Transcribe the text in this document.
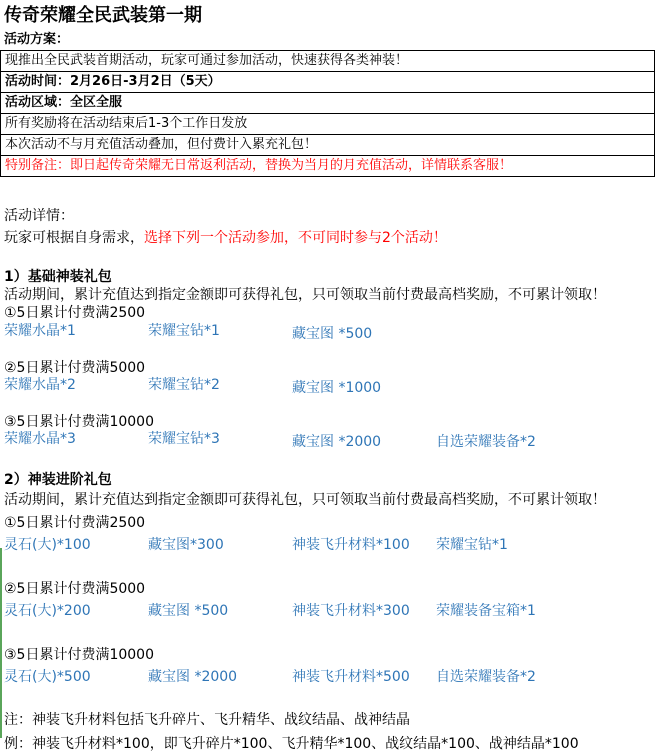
传奇荣耀全民武装第一期
活动方案：
现推出全民武装首期活动，玩家可通过参加活动，快速获得各类神装！
活动时间：2月26日-3月2日（5天）
活动区域：全区全服
所有奖励将在活动结束后1-3个工作日发放
本次活动不与月充值活动叠加，但付费计入累充礼包！
特别备注：即日起传奇荣耀无日常返利活动，替换为当月的月充值活动，详情联系客服！
活动详情：
玩家可根据自身需求，选择下列一个活动参加，不可同时参与2个活动！
1）基础神装礼包
活动期间，累计充值达到指定金额即可获得礼包，只可领取当前付费最高档奖励，不可累计领取！
①5日累计付费满2500
荣耀水晶*1	荣耀宝钻*1	藏宝图 *500
②5日累计付费满5000
荣耀水晶*2	荣耀宝钻*2	藏宝图 *1000
③5日累计付费满10000
荣耀水晶*3	荣耀宝钻*3	藏宝图 *2000	自选荣耀装备*2
2）神装进阶礼包
活动期间，累计充值达到指定金额即可获得礼包，只可领取当前付费最高档奖励，不可累计领取！
①5日累计付费满2500
灵石(大)*100	藏宝图*300	神装飞升材料*100 荣耀宝钻*1
②5日累计付费满5000
灵石(大)*200	藏宝图 *500	神装飞升材料*300 荣耀装备宝箱*1
③5日累计付费满10000
灵石(大)*500	藏宝图 *2000	神装飞升材料*500 自选荣耀装备*2
注：神装飞升材料包括飞升碎片、飞升精华、战纹结晶、战神结晶
例：神装飞升材料*100，即飞升碎片*100、飞升精华*100、战纹结晶*100、战神结晶*100
